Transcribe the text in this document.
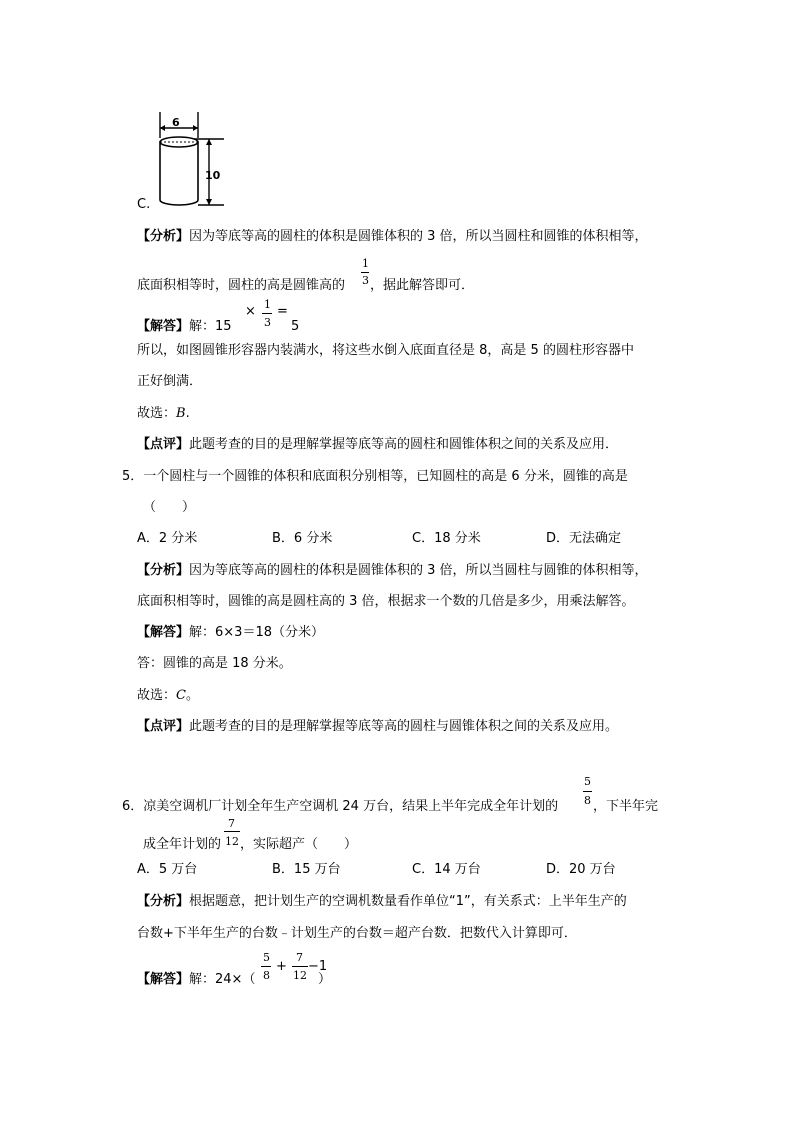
6
10
C.
【分析】因为等底等高的圆柱的体积是圆锥体积的 3 倍，所以当圆柱和圆锥的体积相等，
底面积相等时，圆柱的高是圆锥高的
1
3 ，据此解答即可．
【解答】解：15
× 1
3
=
5
所以，如图圆锥形容器内装满水，将这些水倒入底面直径是 8，高是 5 的圆柱形容器中
正好倒满．
故选：B.
【点评】此题考查的目的是理解掌握等底等高的圆柱和圆锥体积之间的关系及应用．
5．一个圆柱与一个圆锥的体积和底面积分别相等，已知圆柱的高是 6 分米，圆锥的高是
（　　）
A．2 分米	B．6 分米	C．18 分米	D．无法确定
【分析】因为等底等高的圆柱的体积是圆锥体积的 3 倍，所以当圆柱与圆锥的体积相等，
底面积相等时，圆锥的高是圆柱高的 3 倍，根据求一个数的几倍是多少，用乘法解答。
【解答】解：6×3＝18（分米）
答：圆锥的高是 18 分米。
故选：C。
【点评】此题考查的目的是理解掌握等底等高的圆柱与圆锥体积之间的关系及应用。
6．凉美空调机厂计划全年生产空调机 24 万台，结果上半年完成全年计划的
5
8 ，下半年完
成全年计划的
7
12 ，实际超产（　　）
A．5 万台	B．15 万台	C．14 万台	D．20 万台
【分析】根据题意，把计划生产的空调机数量看作单位“1”，有关系式：上半年生产的
台数+下半年生产的台数﹣计划生产的台数＝超产台数．把数代入计算即可．
【解答】解：24×（
5
8
+
7
12
−1
）
